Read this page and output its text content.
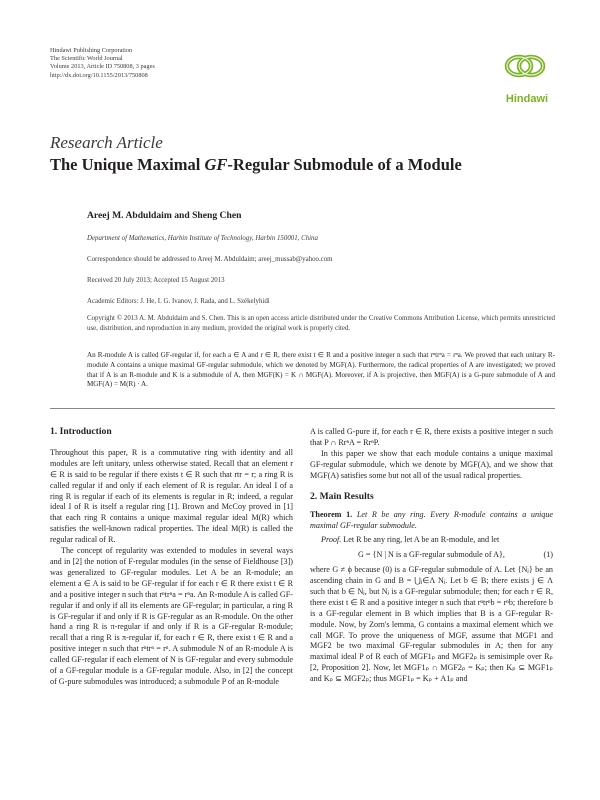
Hindawi Publishing Corporation
The Scientific World Journal
Volume 2013, Article ID 750808, 3 pages
http://dx.doi.org/10.1155/2013/750808
Hindawi
Research Article
The Unique Maximal GF-Regular Submodule of a Module
Areej M. Abduldaim and Sheng Chen
Department of Mathematics, Harbin Institute of Technology, Harbin 150001, China
Correspondence should be addressed to Areej M. Abduldaim; areej_mussab@yahoo.com
Received 20 July 2013; Accepted 15 August 2013
Academic Editors: J. He, I. G. Ivanov, J. Rada, and L. Székelyhidi
Copyright © 2013 A. M. Abduldaim and S. Chen. This is an open access article distributed under the Creative Commons Attribution License, which permits unrestricted use, distribution, and reproduction in any medium, provided the original work is properly cited.
An R-module A is called GF-regular if, for each a ∈ A and r ∈ R, there exist t ∈ R and a positive integer n such that rⁿtrⁿa = rⁿa. We proved that each unitary R-module A contains a unique maximal GF-regular submodule, which we denoted by MGF(A). Furthermore, the radical properties of A are investigated; we proved that if A is an R-module and K is a submodule of A, then MGF(K) = K ∩ MGF(A). Moreover, if A is projective, then MGF(A) is a G-pure submodule of A and MGF(A) = M(R) · A.
1. Introduction

Throughout this paper, R is a commutative ring with identity and all modules are left unitary, unless otherwise stated. Recall that an element r ∈ R is said to be regular if there exists t ∈ R such that rtr = r; a ring R is called regular if and only if each element of R is regular. An ideal I of a ring R is regular if each of its elements is regular in R; indeed, a regular ideal I of R is itself a regular ring [1]. Brown and McCoy proved in [1] that each ring R contains a unique maximal regular ideal M(R) which satisfies the well-known radical properties. The ideal M(R) is called the regular radical of R.

The concept of regularity was extended to modules in several ways and in [2] the notion of F-regular modules (in the sense of Fieldhouse [3]) was generalized to GF-regular modules. Let A be an R-module; an element a ∈ A is said to be GF-regular if for each r ∈ R there exist t ∈ R and a positive integer n such that rⁿtrⁿa = rⁿa. An R-module A is called GF-regular if and only if all its elements are GF-regular; in particular, a ring R is GF-regular if and only if R is GF-regular as an R-module. On the other hand a ring R is π-regular if and only if R is a GF-regular R-module; recall that a ring R is π-regular if, for each r ∈ R, there exist t ∈ R and a positive integer n such that rⁿtrⁿ = rⁿ. A submodule N of an R-module A is called GF-regular if each element of N is GF-regular and every submodule of a GF-regular module is a GF-regular module. Also, in [2] the concept of G-pure submodules was introduced; a submodule P of an R-module

A is called G-pure if, for each r ∈ R, there exists a positive integer n such that P ∩ RrⁿA = RrⁿP.

In this paper we show that each module contains a unique maximal GF-regular submodule, which we denote by MGF(A), and we show that MGF(A) satisfies some but not all of the usual radical properties.

2. Main Results

Theorem 1. Let R be any ring. Every R-module contains a unique maximal GF-regular submodule.

Proof. Let R be any ring, let A be an R-module, and let

G = {N | N is a GF-regular submodule of A},	(1)

where G ≠ ϕ because (0) is a GF-regular submodule of A. Let {Nⱼ} be an ascending chain in G and B = ⋃ⱼ∈Λ Nⱼ. Let b ∈ B; there exists j ∈ Λ such that b ∈ Nⱼ, but Nⱼ is a GF-regular submodule; then; for each r ∈ R, there exist t ∈ R and a positive integer n such that rⁿtrⁿb = rⁿb; therefore b is a GF-regular element in B which implies that B is a GF-regular R-module. Now, by Zorn's lemma, G contains a maximal element which we call MGF. To prove the uniqueness of MGF, assume that MGF1 and MGF2 be two maximal GF-regular submodules in A; then for any maximal ideal P of R each of MGF1ₚ and MGF2ₚ is semisimple over Rₚ [2, Proposition 2]. Now, let MGF1ₚ ∩ MGF2ₚ = Kₚ; then Kₚ ⊆ MGF1ₚ and Kₚ ⊆ MGF2ₚ; thus MGF1ₚ = Kₚ + A1ₚ and
